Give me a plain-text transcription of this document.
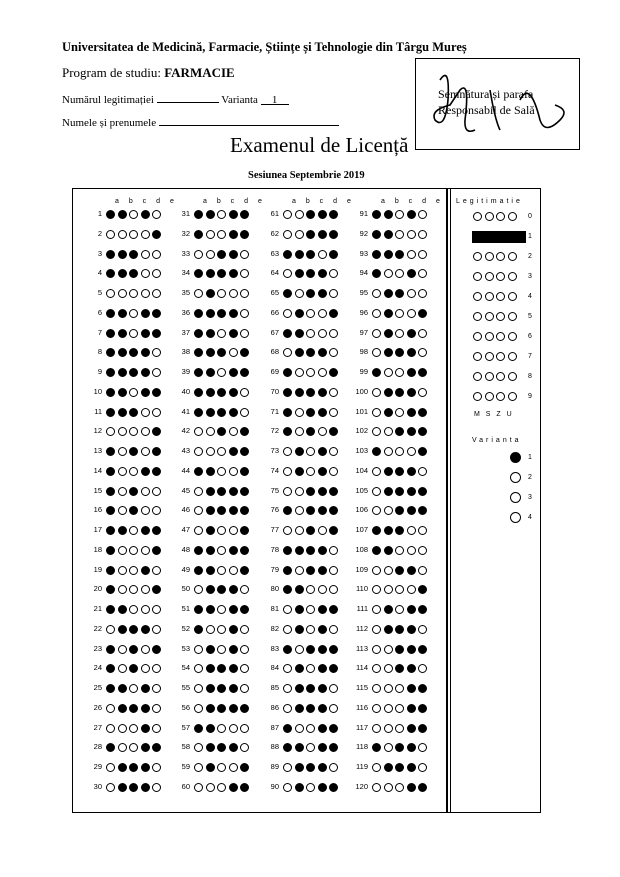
Universitatea de Medicină, Farmacie, Științe și Tehnologie din Târgu Mureș
Program de studiu: FARMACIE
Numărul legitimației	Varianta 1
Numele și prenumele
Semnătura și parafa
Responsabil de Sală
Examenul de Licență
Sesiunea Septembrie 2019
a b c d e
1
2
3
4
5
6
7
8
9
10
11
12
13
14
15
16
17
18
19
20
21
22
23
24
25
26
27
28
29
30
a b c d e
31
32
33
34
35
36
37
38
39
40
41
42
43
44
45
46
47
48
49
50
51
52
53
54
55
56
57
58
59
60
a b c d e
61
62
63
64
65
66
67
68
69
70
71
72
73
74
75
76
77
78
79
80
81
82
83
84
85
86
87
88
89
90
a b c d e
91
92
93
94
95
96
97
98
99
100
101
102
103
104
105
106
107
108
109
110
111
112
113
114
115
116
117
118
119
120
Legitimatie
0
1
2
3
4
5
6
7
8
9
M S Z U
Varianta
1
2
3
4
